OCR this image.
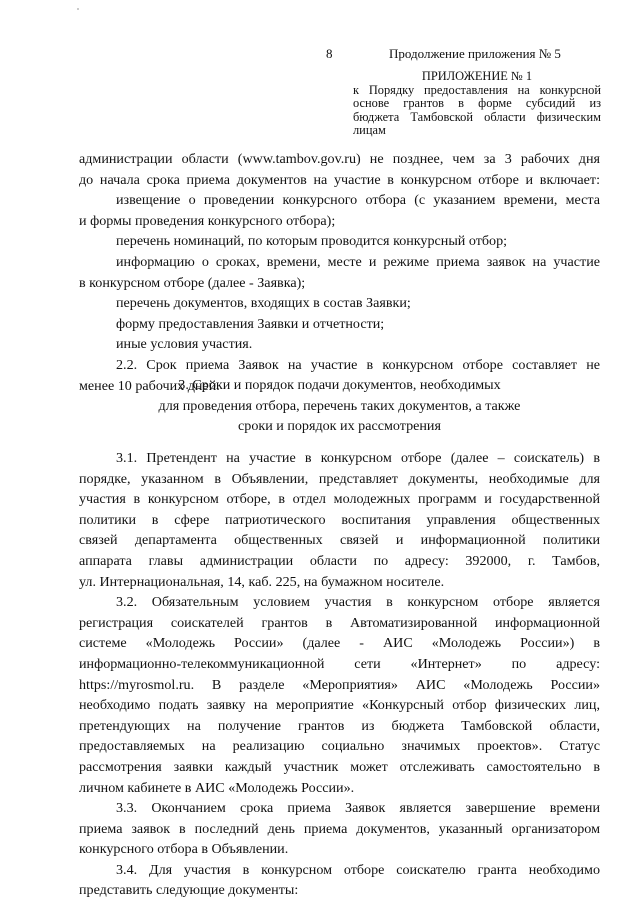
8	Продолжение приложения № 5
ПРИЛОЖЕНИЕ № 1
к Порядку предоставления на конкурсной
основе грантов в форме субсидий из
бюджета Тамбовской области физическим
лицам
администрации области (www.tambov.gov.ru) не позднее, чем за 3 рабочих дня
до начала срока приема документов на участие в конкурсном отборе и включает:
извещение о проведении конкурсного отбора (с указанием времени, места
и формы проведения конкурсного отбора);
перечень номинаций, по которым проводится конкурсный отбор;
информацию о сроках, времени, месте и режиме приема заявок на участие
в конкурсном отборе (далее - Заявка);
перечень документов, входящих в состав Заявки;
форму предоставления Заявки и отчетности;
иные условия участия.
2.2. Срок приема Заявок на участие в конкурсном отборе составляет не
менее 10 рабочих дней.
3. Сроки и порядок подачи документов, необходимых
для проведения отбора, перечень таких документов, а также
сроки и порядок их рассмотрения
3.1. Претендент на участие в конкурсном отборе (далее – соискатель) в
порядке, указанном в Объявлении, представляет документы, необходимые для
участия в конкурсном отборе, в отдел молодежных программ и государственной
политики в сфере патриотического воспитания управления общественных
связей департамента общественных связей и информационной политики
аппарата главы администрации области по адресу: 392000, г. Тамбов,
ул. Интернациональная, 14, каб. 225, на бумажном носителе.
3.2. Обязательным условием участия в конкурсном отборе является
регистрация соискателей грантов в Автоматизированной информационной
системе «Молодежь России» (далее - АИС «Молодежь России») в
информационно-телекоммуникационной сети «Интернет» по адресу:
https://myrosmol.ru. В разделе «Мероприятия» АИС «Молодежь России»
необходимо подать заявку на мероприятие «Конкурсный отбор физических лиц,
претендующих на получение грантов из бюджета Тамбовской области,
предоставляемых на реализацию социально значимых проектов». Статус
рассмотрения заявки каждый участник может отслеживать самостоятельно в
личном кабинете в АИС «Молодежь России».
3.3. Окончанием срока приема Заявок является завершение времени
приема заявок в последний день приема документов, указанный организатором
конкурсного отбора в Объявлении.
3.4. Для участия в конкурсном отборе соискателю гранта необходимо
представить следующие документы:
